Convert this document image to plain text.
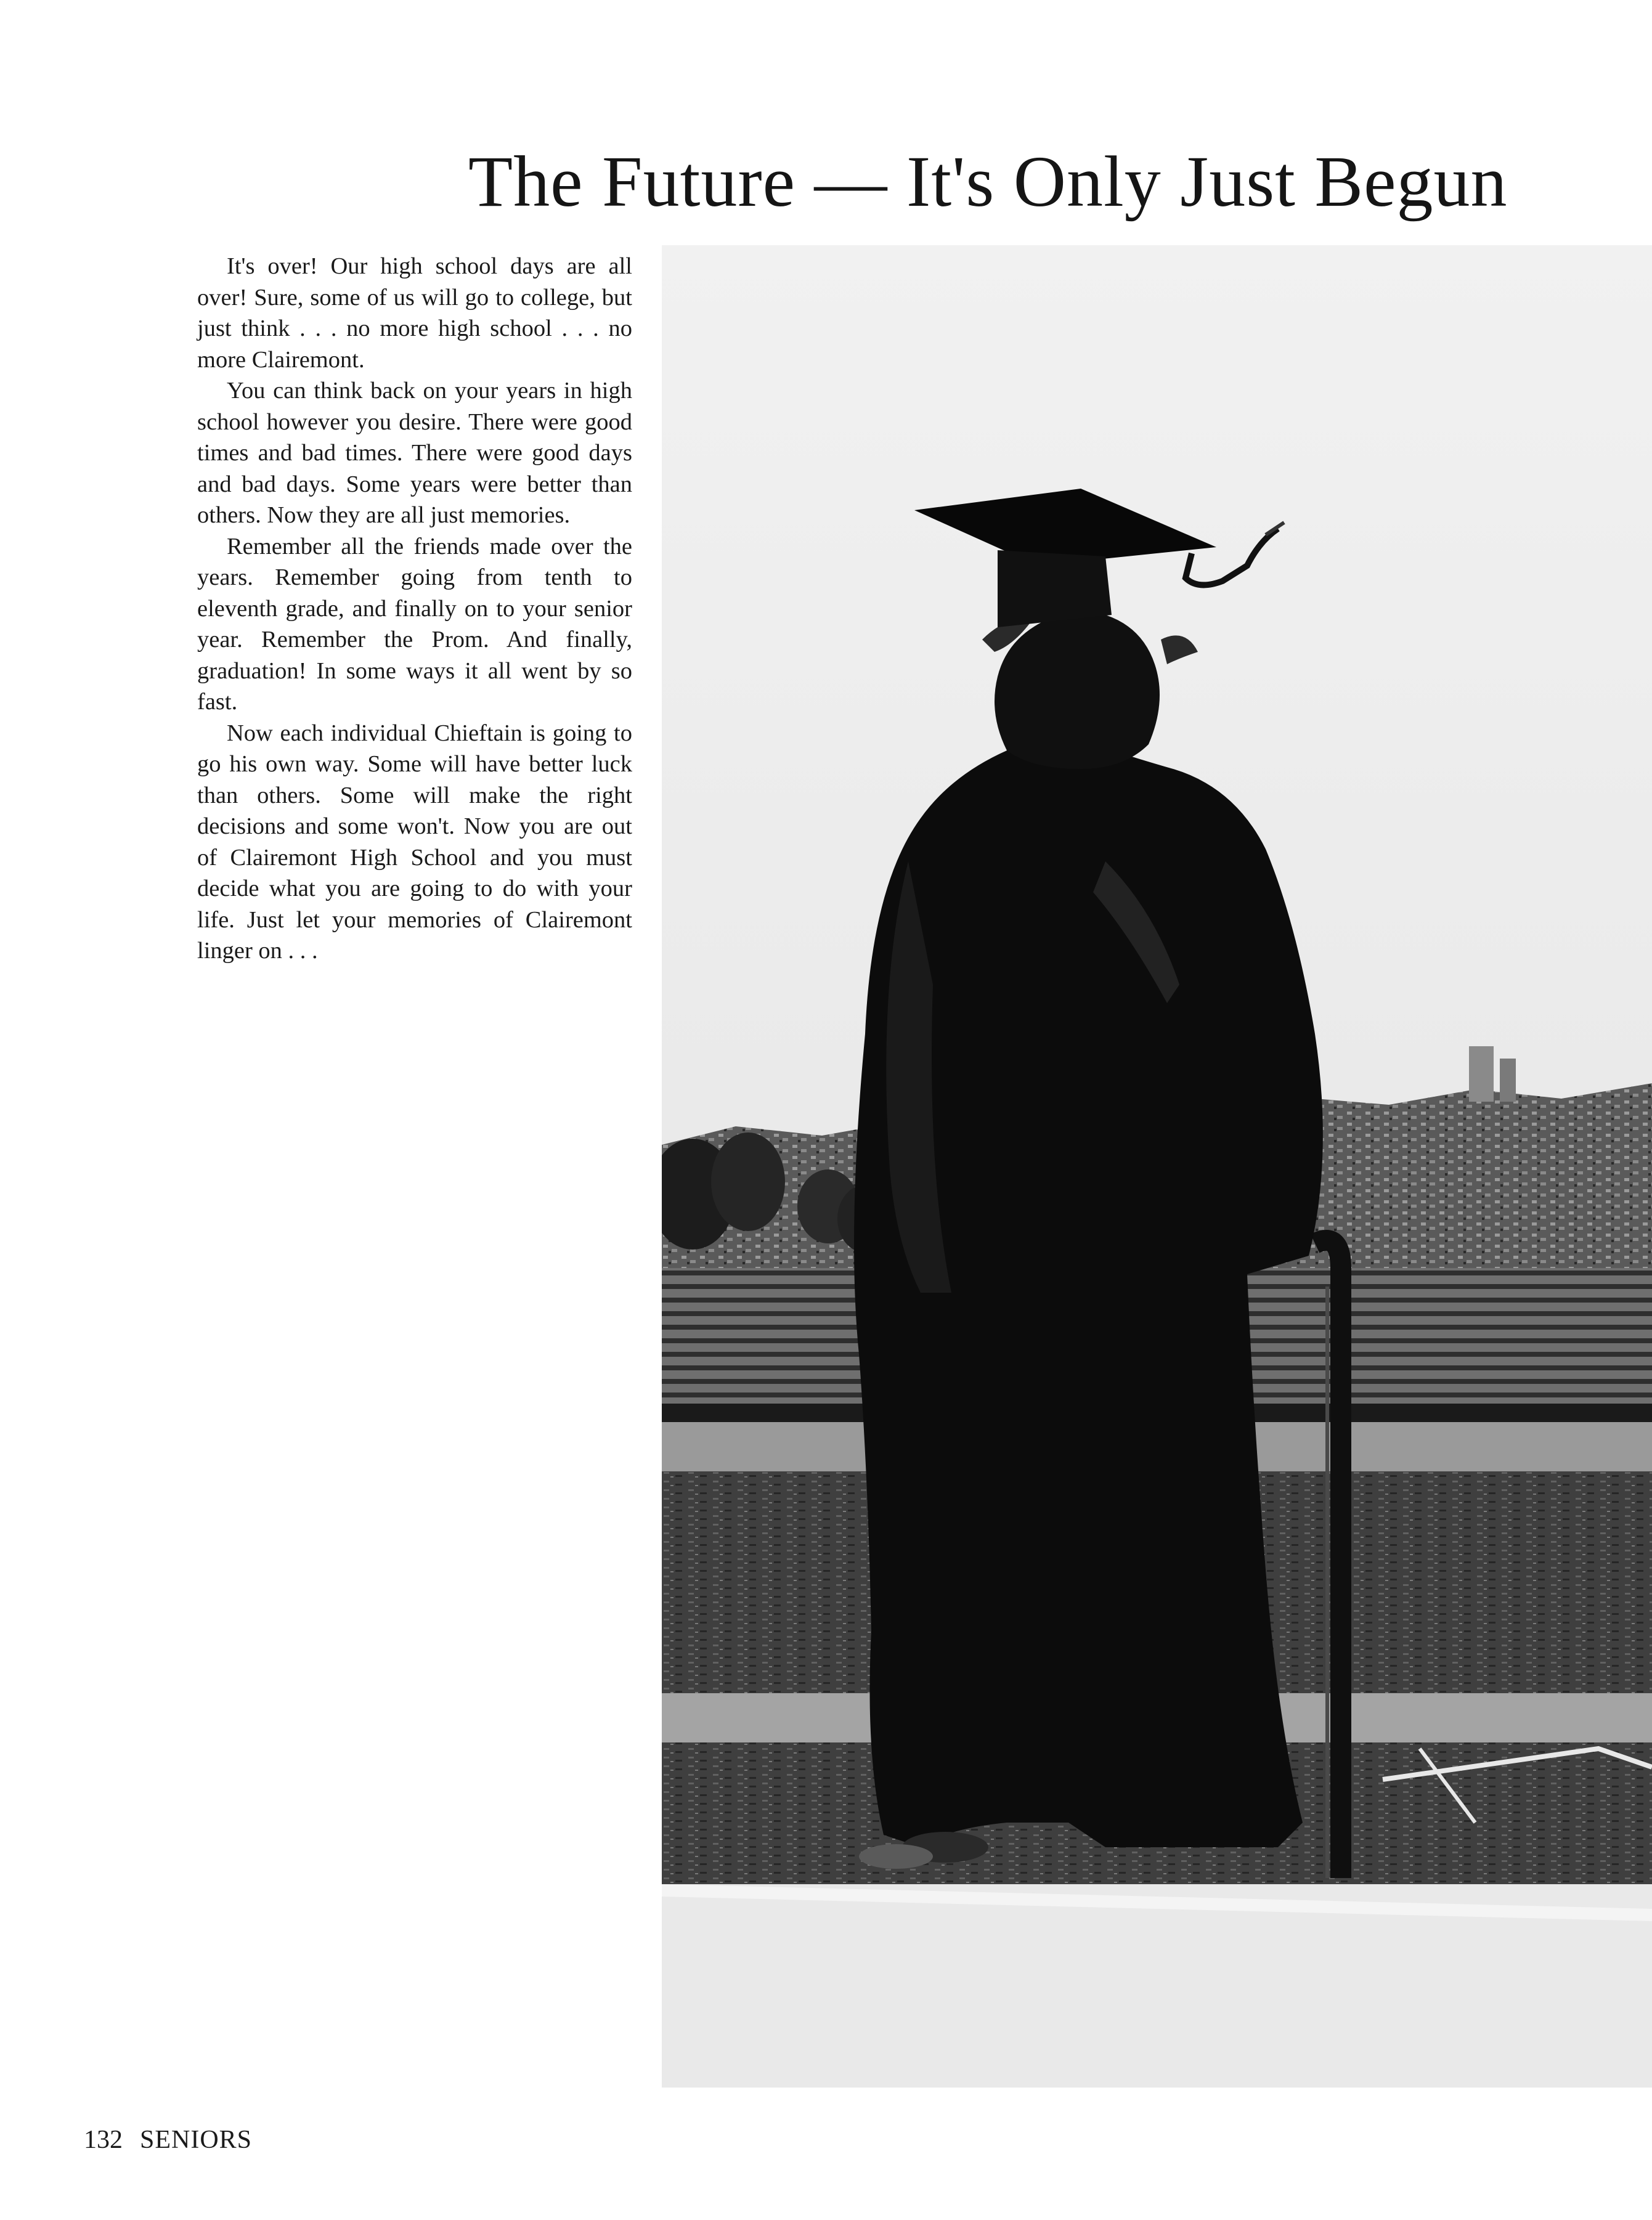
The Future — It's Only Just Begun

It's over! Our high school days are all over! Sure, some of us will go to college, but just think . . . no more high school . . . no more Clairemont.

You can think back on your years in high school however you desire. There were good times and bad times. There were good days and bad days. Some years were better than others. Now they are all just memories.

Remember all the friends made over the years. Remember going from tenth to eleventh grade, and finally on to your senior year. Remember the Prom. And finally, graduation! In some ways it all went by so fast.

Now each individual Chieftain is going to go his own way. Some will have better luck than others. Some will make the right decisions and some won't. Now you are out of Clairemont High School and you must decide what you are going to do with your life. Just let your memories of Clairemont linger on . . .

132 SENIORS
